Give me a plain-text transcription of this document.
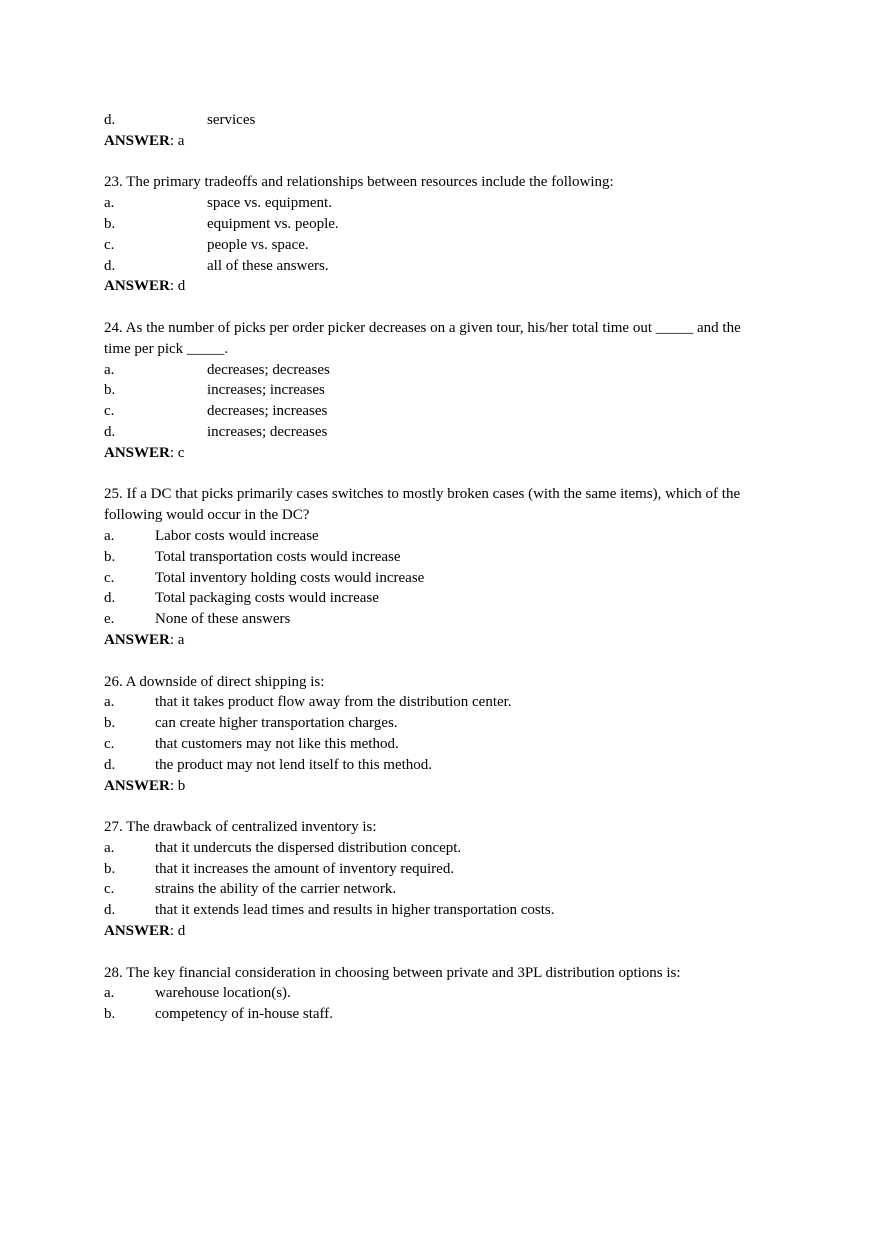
d.	services
ANSWER: a
23. The primary tradeoffs and relationships between resources include the following:
a.	space vs. equipment.
b.	equipment vs. people.
c.	people vs. space.
d.	all of these answers.
ANSWER: d
24. As the number of picks per order picker decreases on a given tour, his/her total time out _____ and the
time per pick _____.
a.	decreases; decreases
b.	increases; increases
c.	decreases; increases
d.	increases; decreases
ANSWER: c
25. If a DC that picks primarily cases switches to mostly broken cases (with the same items), which of the
following would occur in the DC?
a.	Labor costs would increase
b.	Total transportation costs would increase
c.	Total inventory holding costs would increase
d.	Total packaging costs would increase
e.	None of these answers
ANSWER: a
26. A downside of direct shipping is:
a.	that it takes product flow away from the distribution center.
b.	can create higher transportation charges.
c.	that customers may not like this method.
d.	the product may not lend itself to this method.
ANSWER: b
27. The drawback of centralized inventory is:
a.	that it undercuts the dispersed distribution concept.
b.	that it increases the amount of inventory required.
c.	strains the ability of the carrier network.
d.	that it extends lead times and results in higher transportation costs.
ANSWER: d
28. The key financial consideration in choosing between private and 3PL distribution options is:
a.	warehouse location(s).
b.	competency of in-house staff.
